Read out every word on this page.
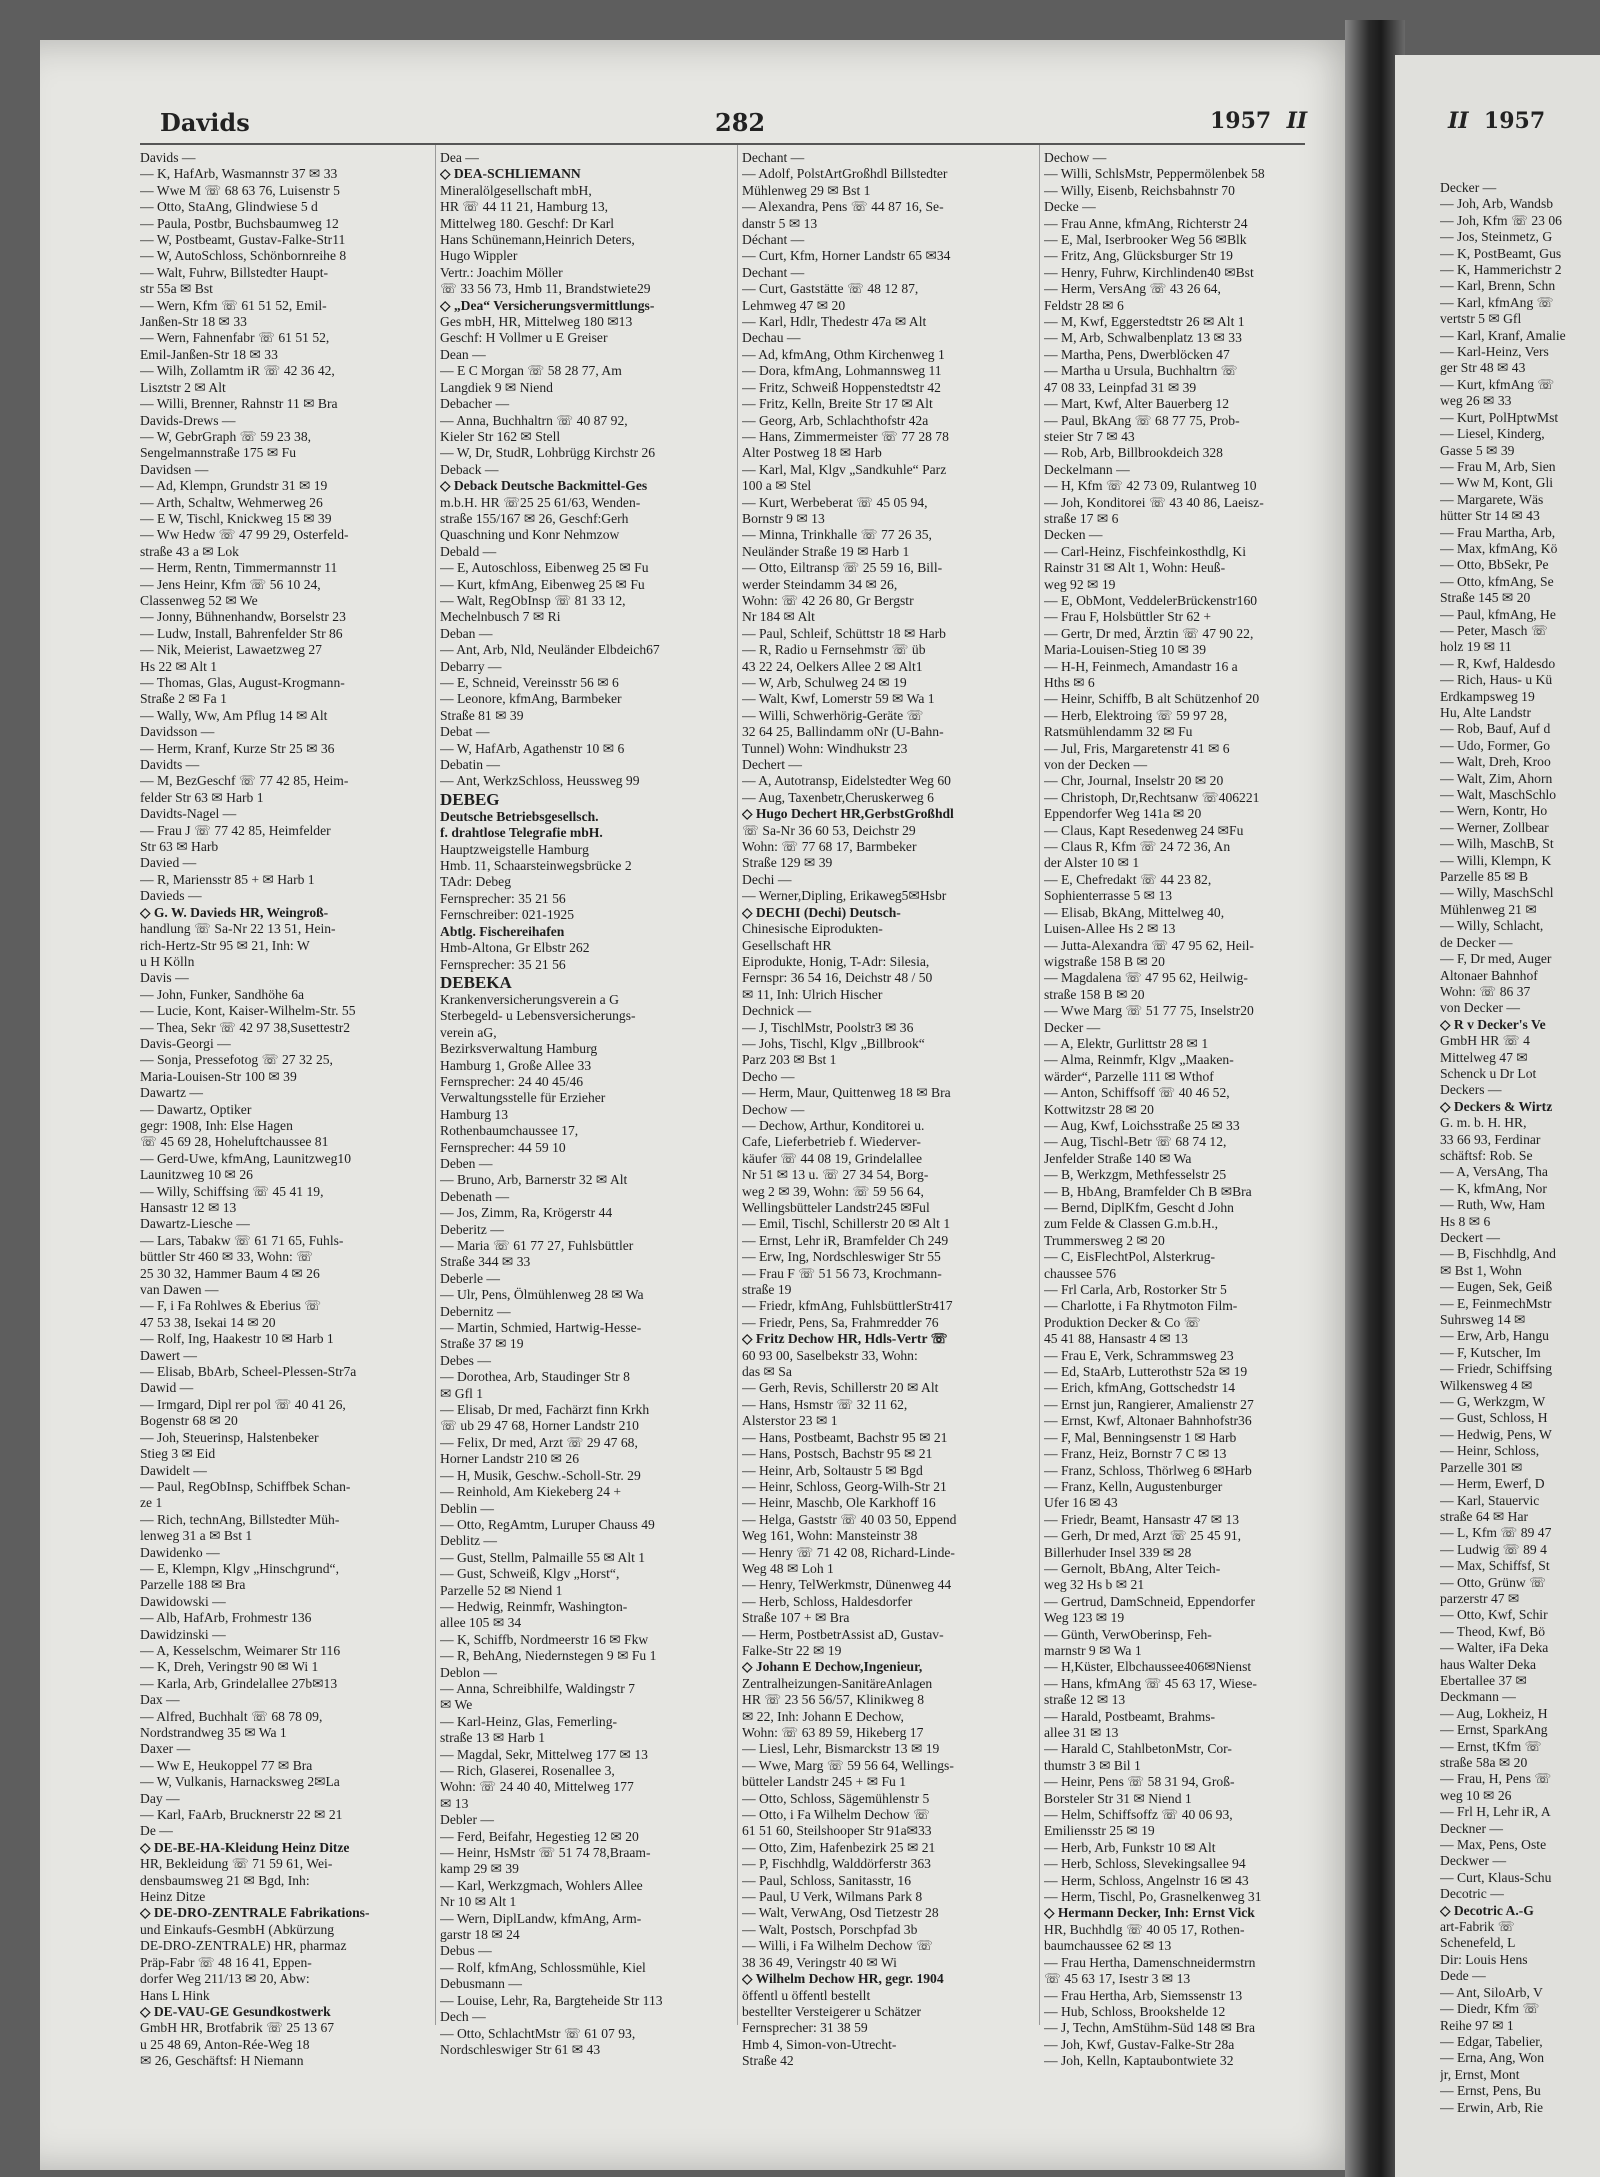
Davids	282	1957 II	II 1957
Davids —
— K, HafArb, Wasmannstr 37 ✉ 33
— Wwe M ☏ 68 63 76, Luisenstr 5
— Otto, StaAng, Glindwiese 5 d
— Paula, Postbr, Buchsbaumweg 12
— W, Postbeamt, Gustav-Falke-Str11
— W, AutoSchloss, Schönbornreihe 8
— Walt, Fuhrw, Billstedter Haupt-
str 55a ✉ Bst
— Wern, Kfm ☏ 61 51 52, Emil-
Janßen-Str 18 ✉ 33
— Wern, Fahnenfabr ☏ 61 51 52,
Emil-Janßen-Str 18 ✉ 33
— Wilh, Zollamtm iR ☏ 42 36 42,
Lisztstr 2 ✉ Alt
— Willi, Brenner, Rahnstr 11 ✉ Bra
Davids-Drews —
— W, GebrGraph ☏ 59 23 38,
Sengelmannstraße 175 ✉ Fu
Davidsen —
— Ad, Klempn, Grundstr 31 ✉ 19
— Arth, Schaltw, Wehmerweg 26
— E W, Tischl, Knickweg 15 ✉ 39
— Ww Hedw ☏ 47 99 29, Osterfeld-
straße 43 a ✉ Lok
— Herm, Rentn, Timmermannstr 11
— Jens Heinr, Kfm ☏ 56 10 24,
Classenweg 52 ✉ We
— Jonny, Bühnenhandw, Borselstr 23
— Ludw, Install, Bahrenfelder Str 86
— Nik, Meierist, Lawaetzweg 27
Hs 22 ✉ Alt 1
— Thomas, Glas, August-Krogmann-
Straße 2 ✉ Fa 1
— Wally, Ww, Am Pflug 14 ✉ Alt
Davidsson —
— Herm, Kranf, Kurze Str 25 ✉ 36
Davidts —
— M, BezGeschf ☏ 77 42 85, Heim-
felder Str 63 ✉ Harb 1
Davidts-Nagel —
— Frau J ☏ 77 42 85, Heimfelder
Str 63 ✉ Harb
Davied —
— R, Mariensstr 85 + ✉ Harb 1
Davieds —
◇ G. W. Davieds HR, Weingroß-
handlung ☏ Sa-Nr 22 13 51, Hein-
rich-Hertz-Str 95 ✉ 21, Inh: W
u H Kölln
Davis —
— John, Funker, Sandhöhe 6a
— Lucie, Kont, Kaiser-Wilhelm-Str. 55
— Thea, Sekr ☏ 42 97 38,Susettestr2
Davis-Georgi —
— Sonja, Pressefotog ☏ 27 32 25,
Maria-Louisen-Str 100 ✉ 39
Dawartz —
— Dawartz, Optiker
gegr: 1908, Inh: Else Hagen
☏ 45 69 28, Hoheluftchaussee 81
— Gerd-Uwe, kfmAng, Launitzweg10
Launitzweg 10 ✉ 26
— Willy, Schiffsing ☏ 45 41 19,
Hansastr 12 ✉ 13
Dawartz-Liesche —
— Lars, Tabakw ☏ 61 71 65, Fuhls-
büttler Str 460 ✉ 33, Wohn: ☏
25 30 32, Hammer Baum 4 ✉ 26
van Dawen —
— F, i Fa Rohlwes & Eberius ☏
47 53 38, Isekai 14 ✉ 20
— Rolf, Ing, Haakestr 10 ✉ Harb 1
Dawert —
— Elisab, BbArb, Scheel-Plessen-Str7a
Dawid —
— Irmgard, Dipl rer pol ☏ 40 41 26,
Bogenstr 68 ✉ 20
— Joh, Steuerinsp, Halstenbeker
Stieg 3 ✉ Eid
Dawidelt —
— Paul, RegObInsp, Schiffbek Schan-
ze 1
— Rich, technAng, Billstedter Müh-
lenweg 31 a ✉ Bst 1
Dawidenko —
— E, Klempn, Klgv „Hinschgrund“,
Parzelle 188 ✉ Bra
Dawidowski —
— Alb, HafArb, Frohmestr 136
Dawidzinski —
— A, Kesselschm, Weimarer Str 116
— K, Dreh, Veringstr 90 ✉ Wi 1
— Karla, Arb, Grindelallee 27b✉13
Dax —
— Alfred, Buchhalt ☏ 68 78 09,
Nordstrandweg 35 ✉ Wa 1
Daxer —
— Ww E, Heukoppel 77 ✉ Bra
— W, Vulkanis, Harnacksweg 2✉La
Day —
— Karl, FaArb, Brucknerstr 22 ✉ 21
De —
◇ DE-BE-HA-Kleidung Heinz Ditze
HR, Bekleidung ☏ 71 59 61, Wei-
densbaumsweg 21 ✉ Bgd, Inh:
Heinz Ditze
◇ DE-DRO-ZENTRALE Fabrikations-
und Einkaufs-GesmbH (Abkürzung
DE-DRO-ZENTRALE) HR, pharmaz
Präp-Fabr ☏ 48 16 41, Eppen-
dorfer Weg 211/13 ✉ 20, Abw:
Hans L Hink
◇ DE-VAU-GE Gesundkostwerk
GmbH HR, Brotfabrik ☏ 25 13 67
u 25 48 69, Anton-Rée-Weg 18
✉ 26, Geschäftsf: H Niemann
Dea —
◇ DEA-SCHLIEMANN
Mineralölgesellschaft mbH,
HR ☏ 44 11 21, Hamburg 13,
Mittelweg 180. Geschf: Dr Karl
Hans Schünemann,Heinrich Deters,
Hugo Wippler
Vertr.: Joachim Möller
☏ 33 56 73, Hmb 11, Brandstwiete29
◇ „Dea“ Versicherungsvermittlungs-
Ges mbH, HR, Mittelweg 180 ✉13
Geschf: H Vollmer u E Greiser
Dean —
— E C Morgan ☏ 58 28 77, Am
Langdiek 9 ✉ Niend
Debacher —
— Anna, Buchhaltrn ☏ 40 87 92,
Kieler Str 162 ✉ Stell
— W, Dr, StudR, Lohbrügg Kirchstr 26
Deback —
◇ Deback Deutsche Backmittel-Ges
m.b.H. HR ☏25 25 61/63, Wenden-
straße 155/167 ✉ 26, Geschf:Gerh
Quaschning und Konr Nehmzow
Debald —
— E, Autoschloss, Eibenweg 25 ✉ Fu
— Kurt, kfmAng, Eibenweg 25 ✉ Fu
— Walt, RegObInsp ☏ 81 33 12,
Mechelnbusch 7 ✉ Ri
Deban —
— Ant, Arb, Nld, Neuländer Elbdeich67
Debarry —
— E, Schneid, Vereinsstr 56 ✉ 6
— Leonore, kfmAng, Barmbeker
Straße 81 ✉ 39
Debat —
— W, HafArb, Agathenstr 10 ✉ 6
Debatin —
— Ant, WerkzSchloss, Heussweg 99
DEBEG
Deutsche Betriebsgesellsch.
f. drahtlose Telegrafie mbH.
Hauptzweigstelle Hamburg
Hmb. 11, Schaarsteinwegsbrücke 2
TAdr: Debeg
Fernsprecher: 35 21 56
Fernschreiber: 021-1925
Abtlg. Fischereihafen
Hmb-Altona, Gr Elbstr 262
Fernsprecher: 35 21 56
DEBEKA
Krankenversicherungsverein a G
Sterbegeld- u Lebensversicherungs-
verein aG,
Bezirksverwaltung Hamburg
Hamburg 1, Große Allee 33
Fernsprecher: 24 40 45/46
Verwaltungsstelle für Erzieher
Hamburg 13
Rothenbaumchaussee 17,
Fernsprecher: 44 59 10
Deben —
— Bruno, Arb, Barnerstr 32 ✉ Alt
Debenath —
— Jos, Zimm, Ra, Krögerstr 44
Deberitz —
— Maria ☏ 61 77 27, Fuhlsbüttler
Straße 344 ✉ 33
Deberle —
— Ulr, Pens, Ölmühlenweg 28 ✉ Wa
Debernitz —
— Martin, Schmied, Hartwig-Hesse-
Straße 37 ✉ 19
Debes —
— Dorothea, Arb, Staudinger Str 8
✉ Gfl 1
— Elisab, Dr med, Fachärzt finn Krkh
☏ ub 29 47 68, Horner Landstr 210
— Felix, Dr med, Arzt ☏ 29 47 68,
Horner Landstr 210 ✉ 26
— H, Musik, Geschw.-Scholl-Str. 29
— Reinhold, Am Kiekeberg 24 +
Deblin —
— Otto, RegAmtm, Luruper Chauss 49
Deblitz —
— Gust, Stellm, Palmaille 55 ✉ Alt 1
— Gust, Schweiß, Klgv „Horst“,
Parzelle 52 ✉ Niend 1
— Hedwig, Reinmfr, Washington-
allee 105 ✉ 34
— K, Schiffb, Nordmeerstr 16 ✉ Fkw
— R, BehAng, Niedernstegen 9 ✉ Fu 1
Deblon —
— Anna, Schreibhilfe, Waldingstr 7
✉ We
— Karl-Heinz, Glas, Femerling-
straße 13 ✉ Harb 1
— Magdal, Sekr, Mittelweg 177 ✉ 13
— Rich, Glaserei, Rosenallee 3,
Wohn: ☏ 24 40 40, Mittelweg 177
✉ 13
Debler —
— Ferd, Beifahr, Hegestieg 12 ✉ 20
— Heinr, HsMstr ☏ 51 74 78,Braam-
kamp 29 ✉ 39
— Karl, Werkzgmach, Wohlers Allee
Nr 10 ✉ Alt 1
— Wern, DiplLandw, kfmAng, Arm-
garstr 18 ✉ 24
Debus —
— Rolf, kfmAng, Schlossmühle, Kiel
Debusmann —
— Louise, Lehr, Ra, Bargteheide Str 113
Dech —
— Otto, SchlachtMstr ☏ 61 07 93,
Nordschleswiger Str 61 ✉ 43
Dechant —
— Adolf, PolstArtGroßhdl Billstedter
Mühlenweg 29 ✉ Bst 1
— Alexandra, Pens ☏ 44 87 16, Se-
danstr 5 ✉ 13
Déchant —
— Curt, Kfm, Horner Landstr 65 ✉34
Dechant —
— Curt, Gaststätte ☏ 48 12 87,
Lehmweg 47 ✉ 20
— Karl, Hdlr, Thedestr 47a ✉ Alt
Dechau —
— Ad, kfmAng, Othm Kirchenweg 1
— Dora, kfmAng, Lohmannsweg 11
— Fritz, Schweiß Hoppenstedtstr 42
— Fritz, Kelln, Breite Str 17 ✉ Alt
— Georg, Arb, Schlachthofstr 42a
— Hans, Zimmermeister ☏ 77 28 78
Alter Postweg 18 ✉ Harb
— Karl, Mal, Klgv „Sandkuhle“ Parz
100 a ✉ Stel
— Kurt, Werbeberat ☏ 45 05 94,
Bornstr 9 ✉ 13
— Minna, Trinkhalle ☏ 77 26 35,
Neuländer Straße 19 ✉ Harb 1
— Otto, Eiltransp ☏ 25 59 16, Bill-
werder Steindamm 34 ✉ 26,
Wohn: ☏ 42 26 80, Gr Bergstr
Nr 184 ✉ Alt
— Paul, Schleif, Schüttstr 18 ✉ Harb
— R, Radio u Fernsehmstr ☏ üb
43 22 24, Oelkers Allee 2 ✉ Alt1
— W, Arb, Schulweg 24 ✉ 19
— Walt, Kwf, Lomerstr 59 ✉ Wa 1
— Willi, Schwerhörig-Geräte ☏
32 64 25, Ballindamm oNr (U-Bahn-
Tunnel) Wohn: Windhukstr 23
Dechert —
— A, Autotransp, Eidelstedter Weg 60
— Aug, Taxenbetr,Cheruskerweg 6
◇ Hugo Dechert HR,GerbstGroßhdl
☏ Sa-Nr 36 60 53, Deichstr 29
Wohn: ☏ 77 68 17, Barmbeker
Straße 129 ✉ 39
Dechi —
— Werner,Dipling, Erikaweg5✉Hsbr
◇ DECHI (Dechi) Deutsch-
Chinesische Eiprodukten-
Gesellschaft HR
Eiprodukte, Honig, T-Adr: Silesia,
Fernspr: 36 54 16, Deichstr 48 / 50
✉ 11, Inh: Ulrich Hischer
Dechnick —
— J, TischlMstr, Poolstr3 ✉ 36
— Johs, Tischl, Klgv „Billbrook“
Parz 203 ✉ Bst 1
Decho —
— Herm, Maur, Quittenweg 18 ✉ Bra
Dechow —
— Dechow, Arthur, Konditorei u.
Cafe, Lieferbetrieb f. Wiederver-
käufer ☏ 44 08 19, Grindelallee
Nr 51 ✉ 13 u. ☏ 27 34 54, Borg-
weg 2 ✉ 39, Wohn: ☏ 59 56 64,
Wellingsbütteler Landstr245 ✉Ful
— Emil, Tischl, Schillerstr 20 ✉ Alt 1
— Ernst, Lehr iR, Bramfelder Ch 249
— Erw, Ing, Nordschleswiger Str 55
— Frau F ☏ 51 56 73, Krochmann-
straße 19
— Friedr, kfmAng, FuhlsbüttlerStr417
— Friedr, Pens, Sa, Frahmredder 76
◇ Fritz Dechow HR, Hdls-Vertr ☏
60 93 00, Saselbekstr 33, Wohn:
das ✉ Sa
— Gerh, Revis, Schillerstr 20 ✉ Alt
— Hans, Hsmstr ☏ 32 11 62,
Alsterstor 23 ✉ 1
— Hans, Postbeamt, Bachstr 95 ✉ 21
— Hans, Postsch, Bachstr 95 ✉ 21
— Heinr, Arb, Soltaustr 5 ✉ Bgd
— Heinr, Schloss, Georg-Wilh-Str 21
— Heinr, Maschb, Ole Karkhoff 16
— Helga, Gaststr ☏ 40 03 50, Eppend
Weg 161, Wohn: Mansteinstr 38
— Henry ☏ 71 42 08, Richard-Linde-
Weg 48 ✉ Loh 1
— Henry, TelWerkmstr, Dünenweg 44
— Herb, Schloss, Haldesdorfer
Straße 107 + ✉ Bra
— Herm, PostbetrAssist aD, Gustav-
Falke-Str 22 ✉ 19
◇ Johann E Dechow,Ingenieur,
Zentralheizungen-SanitäreAnlagen
HR ☏ 23 56 56/57, Klinikweg 8
✉ 22, Inh: Johann E Dechow,
Wohn: ☏ 63 89 59, Hikeberg 17
— Liesl, Lehr, Bismarckstr 13 ✉ 19
— Wwe, Marg ☏ 59 56 64, Wellings-
bütteler Landstr 245 + ✉ Fu 1
— Otto, Schloss, Sägemühlenstr 5
— Otto, i Fa Wilhelm Dechow ☏
61 51 60, Steilshooper Str 91a✉33
— Otto, Zim, Hafenbezirk 25 ✉ 21
— P, Fischhdlg, Walddörferstr 363
— Paul, Schloss, Sanitasstr, 16
— Paul, U Verk, Wilmans Park 8
— Walt, VerwAng, Osd Tietzestr 28
— Walt, Postsch, Porschpfad 3b
— Willi, i Fa Wilhelm Dechow ☏
38 36 49, Veringstr 40 ✉ Wi
◇ Wilhelm Dechow HR, gegr. 1904
öffentl u öffentl bestellt
bestellter Versteigerer u Schätzer
Fernsprecher: 31 38 59
Hmb 4, Simon-von-Utrecht-
Straße 42
Dechow —
— Willi, SchlsMstr, Peppermölenbek 58
— Willy, Eisenb, Reichsbahnstr 70
Decke —
— Frau Anne, kfmAng, Richterstr 24
— E, Mal, Iserbrooker Weg 56 ✉Blk
— Fritz, Ang, Glücksburger Str 19
— Henry, Fuhrw, Kirchlinden40 ✉Bst
— Herm, VersAng ☏ 43 26 64,
Feldstr 28 ✉ 6
— M, Kwf, Eggerstedtstr 26 ✉ Alt 1
— M, Arb, Schwalbenplatz 13 ✉ 33
— Martha, Pens, Dwerblöcken 47
— Martha u Ursula, Buchhaltrn ☏
47 08 33, Leinpfad 31 ✉ 39
— Mart, Kwf, Alter Bauerberg 12
— Paul, BkAng ☏ 68 77 75, Prob-
steier Str 7 ✉ 43
— Rob, Arb, Billbrookdeich 328
Deckelmann —
— H, Kfm ☏ 42 73 09, Rulantweg 10
— Joh, Konditorei ☏ 43 40 86, Laeisz-
straße 17 ✉ 6
Decken —
— Carl-Heinz, Fischfeinkosthdlg, Ki
Rainstr 31 ✉ Alt 1, Wohn: Heuß-
weg 92 ✉ 19
— E, ObMont, VeddelerBrückenstr160
— Frau F, Holsbüttler Str 62 +
— Gertr, Dr med, Ärztin ☏ 47 90 22,
Maria-Louisen-Stieg 10 ✉ 39
— H-H, Feinmech, Amandastr 16 a
Hths ✉ 6
— Heinr, Schiffb, B alt Schützenhof 20
— Herb, Elektroing ☏ 59 97 28,
Ratsmühlendamm 32 ✉ Fu
— Jul, Fris, Margaretenstr 41 ✉ 6
von der Decken —
— Chr, Journal, Inselstr 20 ✉ 20
— Christoph, Dr,Rechtsanw ☏406221
Eppendorfer Weg 141a ✉ 20
— Claus, Kapt Resedenweg 24 ✉Fu
— Claus R, Kfm ☏ 24 72 36, An
der Alster 10 ✉ 1
— E, Chefredakt ☏ 44 23 82,
Sophienterrasse 5 ✉ 13
— Elisab, BkAng, Mittelweg 40,
Luisen-Allee Hs 2 ✉ 13
— Jutta-Alexandra ☏ 47 95 62, Heil-
wigstraße 158 B ✉ 20
— Magdalena ☏ 47 95 62, Heilwig-
straße 158 B ✉ 20
— Wwe Marg ☏ 51 77 75, Inselstr20
Decker —
— A, Elektr, Gurlittstr 28 ✉ 1
— Alma, Reinmfr, Klgv „Maaken-
wärder“, Parzelle 111 ✉ Wthof
— Anton, Schiffsoff ☏ 40 46 52,
Kottwitzstr 28 ✉ 20
— Aug, Kwf, Loichsstraße 25 ✉ 33
— Aug, Tischl-Betr ☏ 68 74 12,
Jenfelder Straße 140 ✉ Wa
— B, Werkzgm, Methfesselstr 25
— B, HbAng, Bramfelder Ch B ✉Bra
— Bernd, DiplKfm, Gescht d John
zum Felde & Classen G.m.b.H.,
Trummersweg 2 ✉ 20
— C, EisFlechtPol, Alsterkrug-
chaussee 576
— Frl Carla, Arb, Rostorker Str 5
— Charlotte, i Fa Rhytmoton Film-
Produktion Decker & Co ☏
45 41 88, Hansastr 4 ✉ 13
— Frau E, Verk, Schrammsweg 23
— Ed, StaArb, Lutterothstr 52a ✉ 19
— Erich, kfmAng, Gottschedstr 14
— Ernst jun, Rangierer, Amalienstr 27
— Ernst, Kwf, Altonaer Bahnhofstr36
— F, Mal, Benningsenstr 1 ✉ Harb
— Franz, Heiz, Bornstr 7 C ✉ 13
— Franz, Schloss, Thörlweg 6 ✉Harb
— Franz, Kelln, Augustenburger
Ufer 16 ✉ 43
— Friedr, Beamt, Hansastr 47 ✉ 13
— Gerh, Dr med, Arzt ☏ 25 45 91,
Billerhuder Insel 339 ✉ 28
— Gernolt, BbAng, Alter Teich-
weg 32 Hs b ✉ 21
— Gertrud, DamSchneid, Eppendorfer
Weg 123 ✉ 19
— Günth, VerwOberinsp, Feh-
marnstr 9 ✉ Wa 1
— H,Küster, Elbchaussee406✉Nienst
— Hans, kfmAng ☏ 45 63 17, Wiese-
straße 12 ✉ 13
— Harald, Postbeamt, Brahms-
allee 31 ✉ 13
— Harald C, StahlbetonMstr, Cor-
thumstr 3 ✉ Bil 1
— Heinr, Pens ☏ 58 31 94, Groß-
Borsteler Str 31 ✉ Niend 1
— Helm, Schiffsoffz ☏ 40 06 93,
Emiliensstr 25 ✉ 19
— Herb, Arb, Funkstr 10 ✉ Alt
— Herb, Schloss, Slevekingsallee 94
— Herm, Schloss, Angelnstr 16 ✉ 43
— Herm, Tischl, Po, Grasnelkenweg 31
◇ Hermann Decker, Inh: Ernst Vick
HR, Buchhdlg ☏ 40 05 17, Rothen-
baumchaussee 62 ✉ 13
— Frau Hertha, Damenschneidermstrn
☏ 45 63 17, Isestr 3 ✉ 13
— Frau Hertha, Arb, Siemssenstr 13
— Hub, Schloss, Brookshelde 12
— J, Techn, AmStühm-Süd 148 ✉ Bra
— Joh, Kwf, Gustav-Falke-Str 28a
— Joh, Kelln, Kaptaubontwiete 32
Decker —
— Joh, Arb, Wandsb
— Joh, Kfm ☏ 23 06
— Jos, Steinmetz, G
— K, PostBeamt, Gus
— K, Hammerichstr 2
— Karl, Brenn, Schn
— Karl, kfmAng ☏
vertstr 5 ✉ Gfl
— Karl, Kranf, Amalie
— Karl-Heinz, Vers
ger Str 48 ✉ 43
— Kurt, kfmAng ☏
weg 26 ✉ 33
— Kurt, PolHptwMst
— Liesel, Kinderg,
Gasse 5 ✉ 39
— Frau M, Arb, Sien
— Ww M, Kont, Gli
— Margarete, Wäs
hütter Str 14 ✉ 43
— Frau Martha, Arb,
— Max, kfmAng, Kö
— Otto, BbSekr, Pe
— Otto, kfmAng, Se
Straße 145 ✉ 20
— Paul, kfmAng, He
— Peter, Masch ☏
holz 19 ✉ 11
— R, Kwf, Haldesdo
— Rich, Haus- u Kü
Erdkampsweg 19
Hu, Alte Landstr
— Rob, Bauf, Auf d
— Udo, Former, Go
— Walt, Dreh, Kroo
— Walt, Zim, Ahorn
— Walt, MaschSchlo
— Wern, Kontr, Ho
— Werner, Zollbear
— Wilh, MaschB, St
— Willi, Klempn, K
Parzelle 85 ✉ B
— Willy, MaschSchl
Mühlenweg 21 ✉
— Willy, Schlacht,
de Decker —
— F, Dr med, Auger
Altonaer Bahnhof
Wohn: ☏ 86 37
von Decker —
◇ R v Decker's Ve
GmbH HR ☏ 4
Mittelweg 47 ✉
Schenck u Dr Lot
Deckers —
◇ Deckers & Wirtz
G. m. b. H. HR,
33 66 93, Ferdinar
schäftsf: Rob. Se
— A, VersAng, Tha
— K, kfmAng, Nor
— Ruth, Ww, Ham
Hs 8 ✉ 6
Deckert —
— B, Fischhdlg, And
✉ Bst 1, Wohn
— Eugen, Sek, Geiß
— E, FeinmechMstr
Suhrsweg 14 ✉
— Erw, Arb, Hangu
— F, Kutscher, Im
— Friedr, Schiffsing
Wilkensweg 4 ✉
— G, Werkzgm, W
— Gust, Schloss, H
— Hedwig, Pens, W
— Heinr, Schloss,
Parzelle 301 ✉
— Herm, Ewerf, D
— Karl, Stauervic
straße 64 ✉ Har
— L, Kfm ☏ 89 47
— Ludwig ☏ 89 4
— Max, Schiffsf, St
— Otto, Grünw ☏
parzerstr 47 ✉
— Otto, Kwf, Schir
— Theod, Kwf, Bö
— Walter, iFa Deka
haus Walter Deka
Ebertallee 37 ✉
Deckmann —
— Aug, Lokheiz, H
— Ernst, SparkAng
— Ernst, tKfm ☏
straße 58a ✉ 20
— Frau, H, Pens ☏
weg 10 ✉ 26
— Frl H, Lehr iR, A
Deckner —
— Max, Pens, Oste
Deckwer —
— Curt, Klaus-Schu
Decotric —
◇ Decotric A.-G
art-Fabrik ☏
Schenefeld, L
Dir: Louis Hens
Dede —
— Ant, SiloArb, V
— Diedr, Kfm ☏
Reihe 97 ✉ 1
— Edgar, Tabelier,
— Erna, Ang, Won
jr, Ernst, Mont
— Ernst, Pens, Bu
— Erwin, Arb, Rie
